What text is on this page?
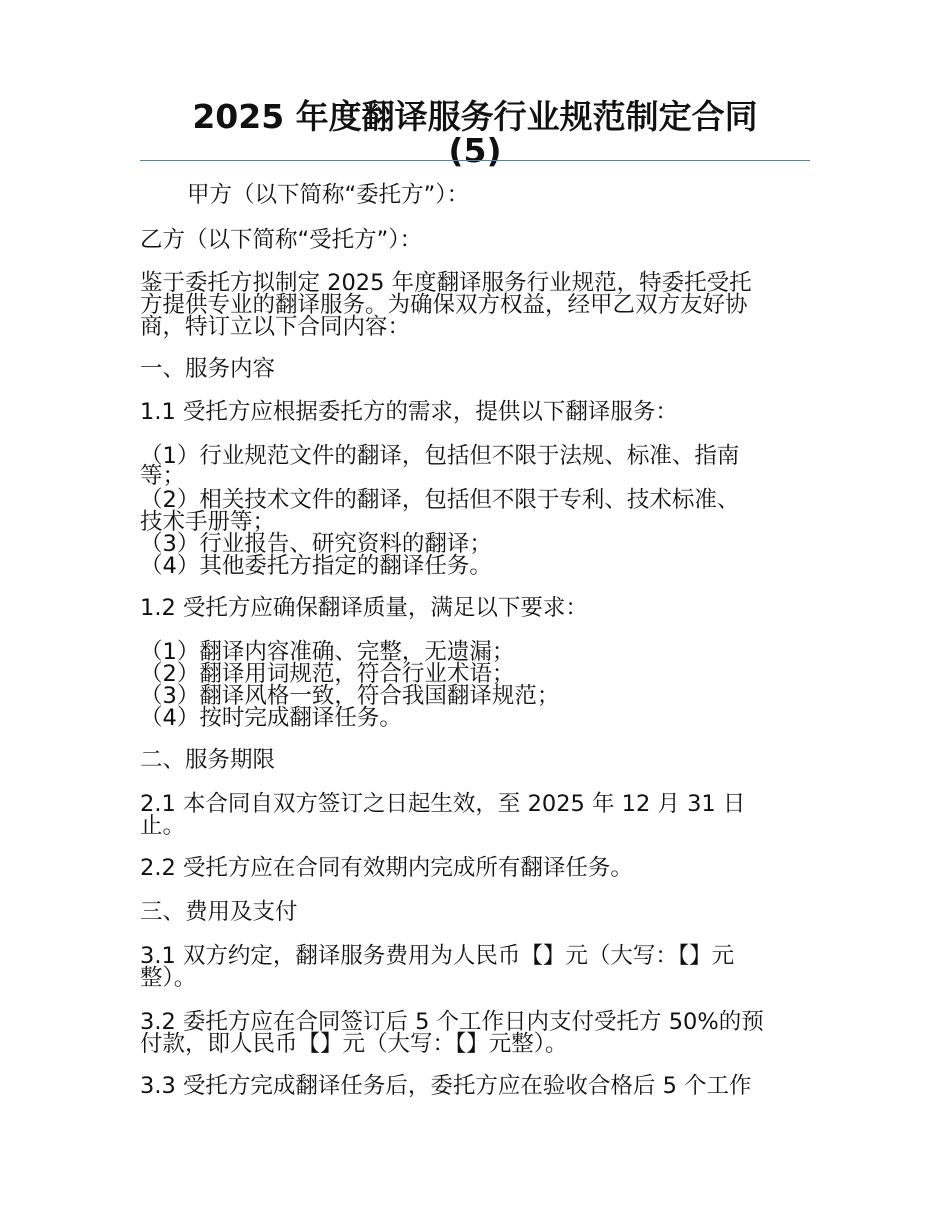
2025 年度翻译服务行业规范制定合同
(5)

甲方（以下简称“委托方”）：

乙方（以下简称“受托方”）：

鉴于委托方拟制定 2025 年度翻译服务行业规范，特委托受托

方提供专业的翻译服务。为确保双方权益，经甲乙双方友好协

商，特订立以下合同内容：

一、服务内容

1.1 受托方应根据委托方的需求，提供以下翻译服务：

（1）行业规范文件的翻译，包括但不限于法规、标准、指南

等；

（2）相关技术文件的翻译，包括但不限于专利、技术标准、

技术手册等；

（3）行业报告、研究资料的翻译；

（4）其他委托方指定的翻译任务。

1.2 受托方应确保翻译质量，满足以下要求：

（1）翻译内容准确、完整，无遗漏；

（2）翻译用词规范，符合行业术语；

（3）翻译风格一致，符合我国翻译规范；

（4）按时完成翻译任务。

二、服务期限

2.1 本合同自双方签订之日起生效，至 2025 年 12 月 31 日

止。

2.2 受托方应在合同有效期内完成所有翻译任务。

三、费用及支付

3.1 双方约定，翻译服务费用为人民币【】元（大写：【】元

整）。

3.2 委托方应在合同签订后 5 个工作日内支付受托方 50%的预

付款，即人民币【】元（大写：【】元整）。

3.3 受托方完成翻译任务后，委托方应在验收合格后 5 个工作
